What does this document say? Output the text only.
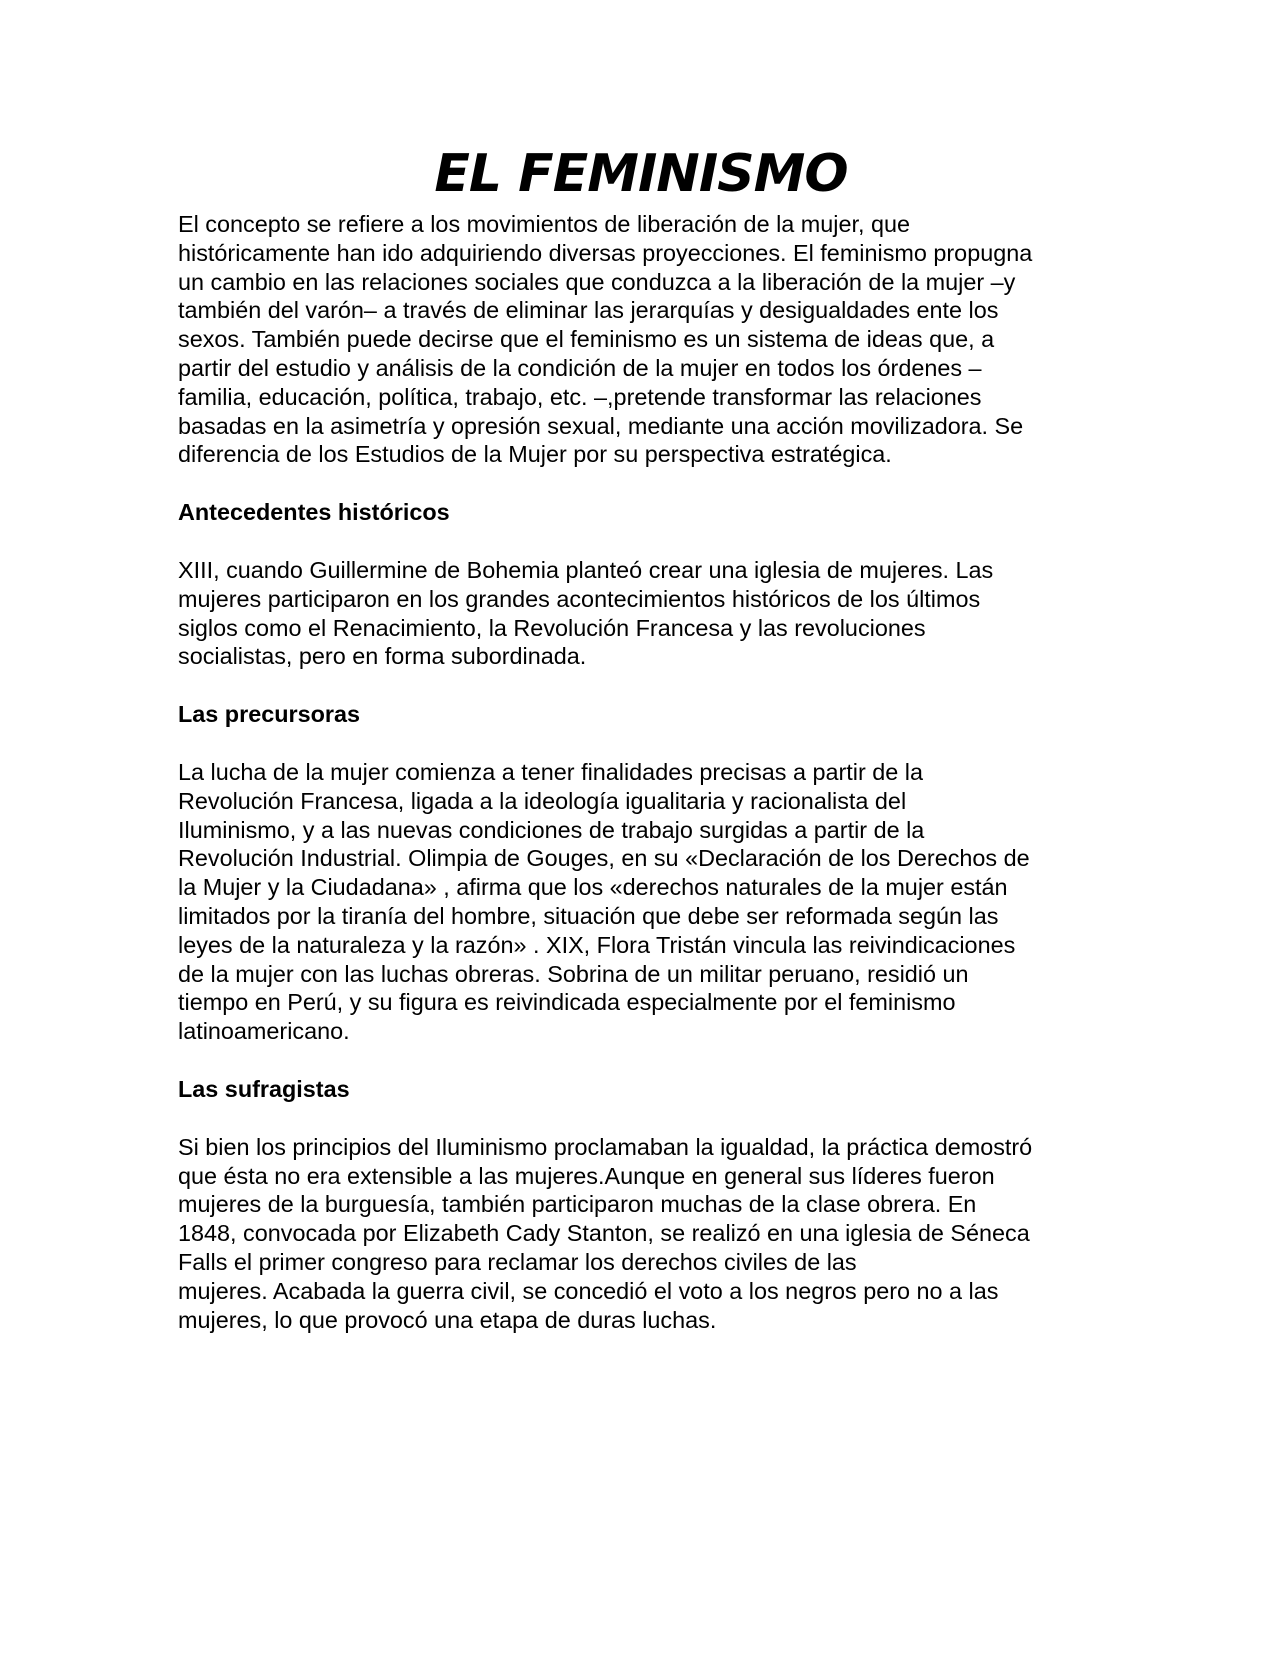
EL FEMINISMO

El concepto se refiere a los movimientos de liberación de la mujer, que
históricamente han ido adquiriendo diversas proyecciones. El feminismo propugna
un cambio en las relaciones sociales que conduzca a la liberación de la mujer –y
también del varón– a través de eliminar las jerarquías y desigualdades ente los
sexos. También puede decirse que el feminismo es un sistema de ideas que, a
partir del estudio y análisis de la condición de la mujer en todos los órdenes –
familia, educación, política, trabajo, etc. –,pretende transformar las relaciones
basadas en la asimetría y opresión sexual, mediante una acción movilizadora. Se
diferencia de los Estudios de la Mujer por su perspectiva estratégica.

Antecedentes históricos

XIII, cuando Guillermine de Bohemia planteó crear una iglesia de mujeres. Las
mujeres participaron en los grandes acontecimientos históricos de los últimos
siglos como el Renacimiento, la Revolución Francesa y las revoluciones
socialistas, pero en forma subordinada.

Las precursoras

La lucha de la mujer comienza a tener finalidades precisas a partir de la
Revolución Francesa, ligada a la ideología igualitaria y racionalista del
Iluminismo, y a las nuevas condiciones de trabajo surgidas a partir de la
Revolución Industrial. Olimpia de Gouges, en su «Declaración de los Derechos de
la Mujer y la Ciudadana» , afirma que los «derechos naturales de la mujer están
limitados por la tiranía del hombre, situación que debe ser reformada según las
leyes de la naturaleza y la razón» . XIX, Flora Tristán vincula las reivindicaciones
de la mujer con las luchas obreras. Sobrina de un militar peruano, residió un
tiempo en Perú, y su figura es reivindicada especialmente por el feminismo
latinoamericano.

Las sufragistas

Si bien los principios del Iluminismo proclamaban la igualdad, la práctica demostró
que ésta no era extensible a las mujeres.Aunque en general sus líderes fueron
mujeres de la burguesía, también participaron muchas de la clase obrera. En
1848, convocada por Elizabeth Cady Stanton, se realizó en una iglesia de Séneca
Falls el primer congreso para reclamar los derechos civiles de las
mujeres. Acabada la guerra civil, se concedió el voto a los negros pero no a las
mujeres, lo que provocó una etapa de duras luchas.
